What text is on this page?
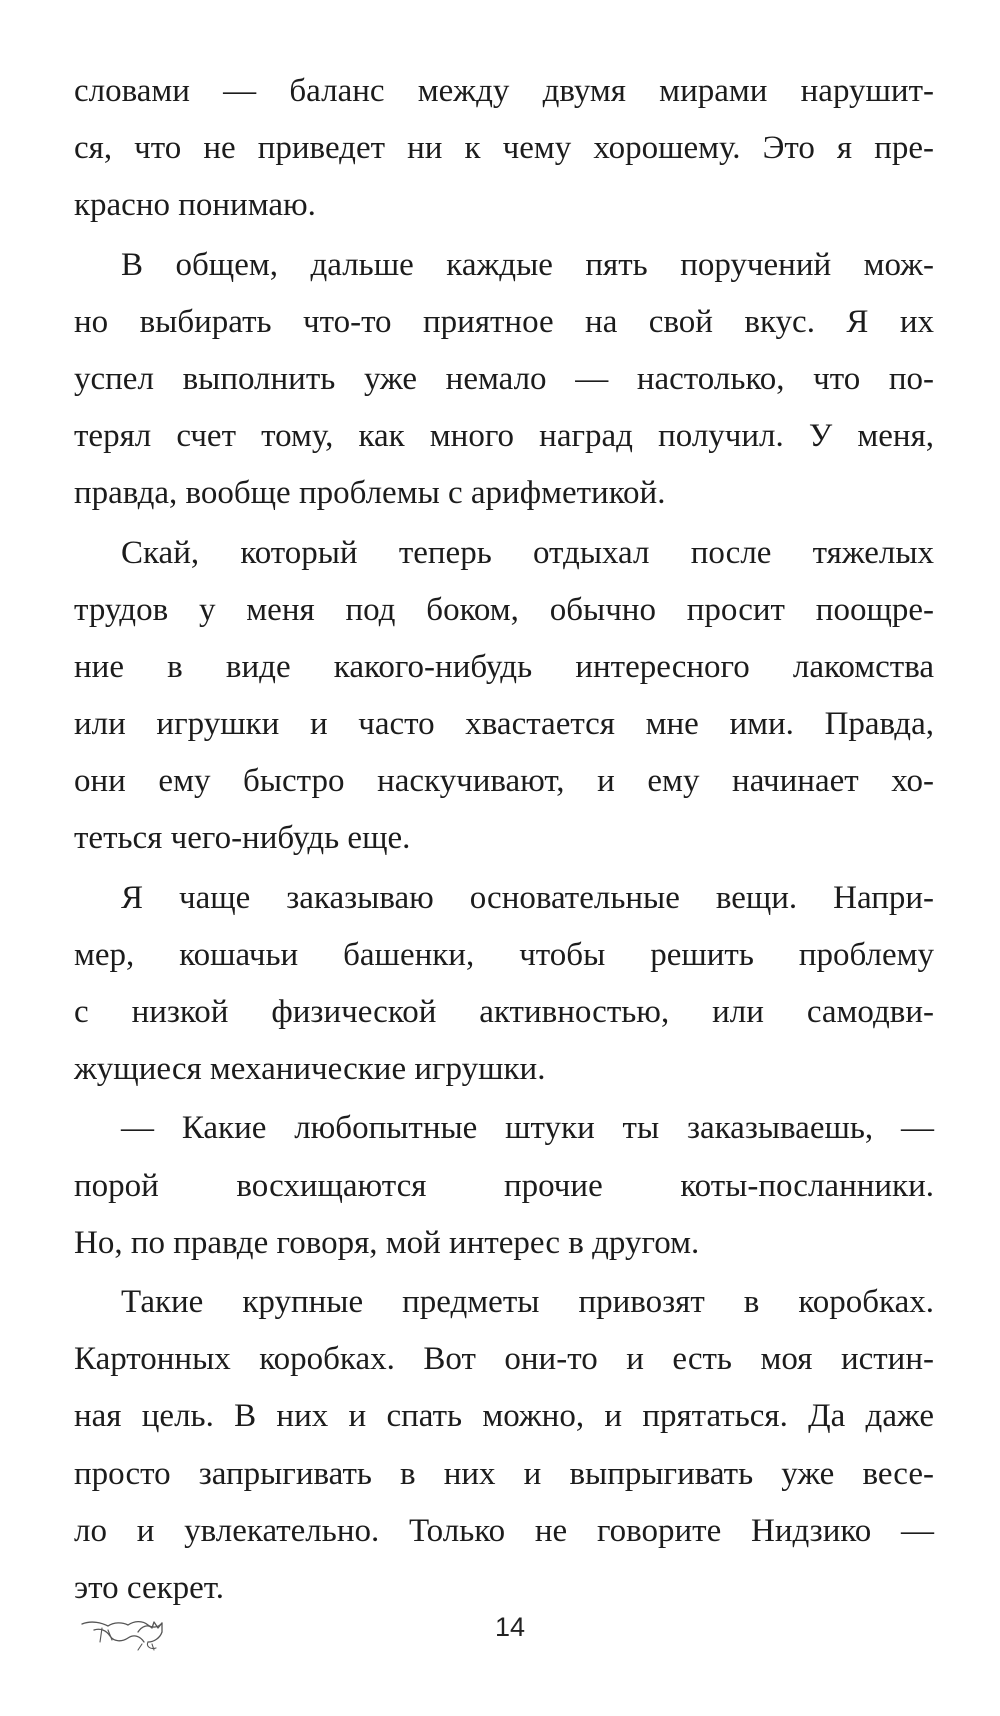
словами — баланс между двумя мирами нарушит-
ся, что не приведет ни к чему хорошему. Это я пре-
красно понимаю.
В общем, дальше каждые пять поручений мож-
но выбирать что-то приятное на свой вкус. Я их
успел выполнить уже немало — настолько, что по-
терял счет тому, как много наград получил. У меня,
правда, вообще проблемы с арифметикой.
Скай, который теперь отдыхал после тяжелых
трудов у меня под боком, обычно просит поощре-
ние в виде какого-нибудь интересного лакомства
или игрушки и часто хвастается мне ими. Правда,
они ему быстро наскучивают, и ему начинает хо-
теться чего-нибудь еще.
Я чаще заказываю основательные вещи. Напри-
мер, кошачьи башенки, чтобы решить проблему
с низкой физической активностью, или самодви-
жущиеся механические игрушки.
— Какие любопытные штуки ты заказываешь, —
порой восхищаются прочие коты-посланники.
Но, по правде говоря, мой интерес в другом.
Такие крупные предметы привозят в коробках.
Картонных коробках. Вот они-то и есть моя истин-
ная цель. В них и спать можно, и прятаться. Да даже
просто запрыгивать в них и выпрыгивать уже весе-
ло и увлекательно. Только не говорите Нидзико —
это секрет.
14
